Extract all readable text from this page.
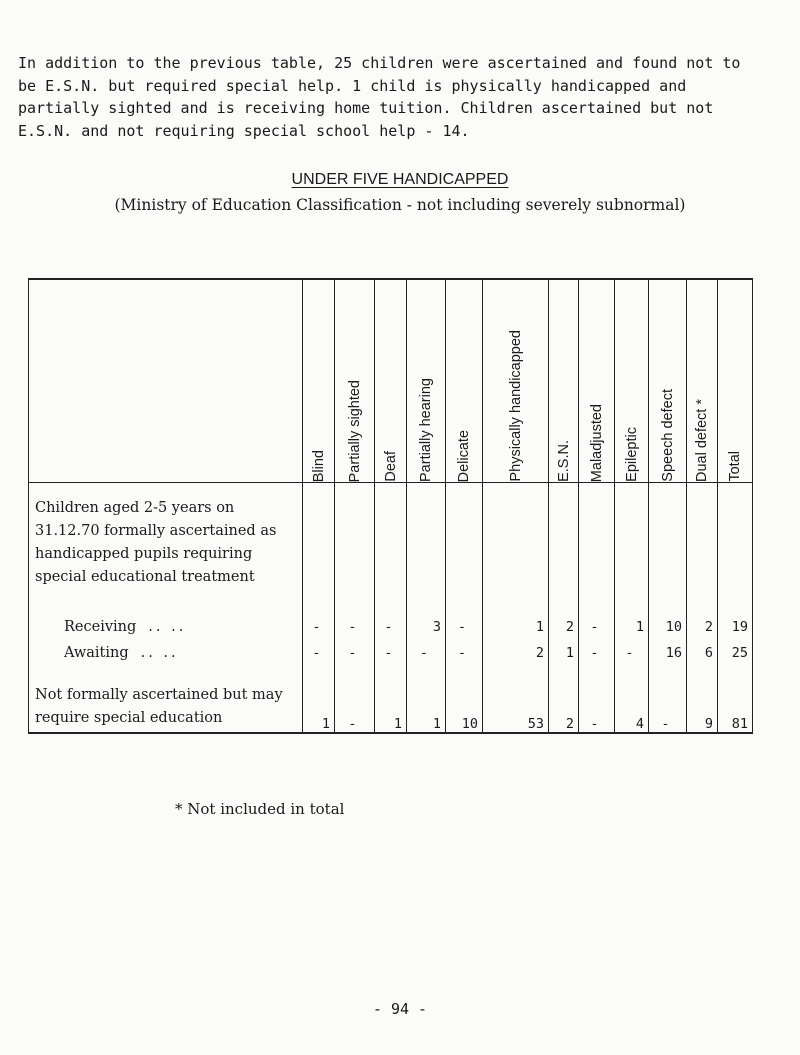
In addition to the previous table, 25 children were ascertained and found not to be E.S.N. but required special help. 1 child is physically handicapped and partially sighted and is receiving home tuition. Children ascertained but not E.S.N. and not requiring special school help - 14.

UNDER FIVE HANDICAPPED
(Ministry of Education Classification - not including severely subnormal)

	Blind	Partially sighted	Deaf	Partially hearing	Delicate	Physically handicapped	E.S.N.	Maladjusted	Epileptic	Speech defect	Dual defect *	Total

Children aged 2-5 years on 31.12.70 formally ascertained as handicapped pupils requiring special educational treatment												
Receiving .. ..	-	-	-	3	-	1	2	-	1	10	2	19
Awaiting .. ..	-	-	-	-	-	2	1	-	-	16	6	25
Not formally ascertained but may require special education	1	-	1	1	10	53	2	-	4	-	9	81
* Not included in total
- 94 -
